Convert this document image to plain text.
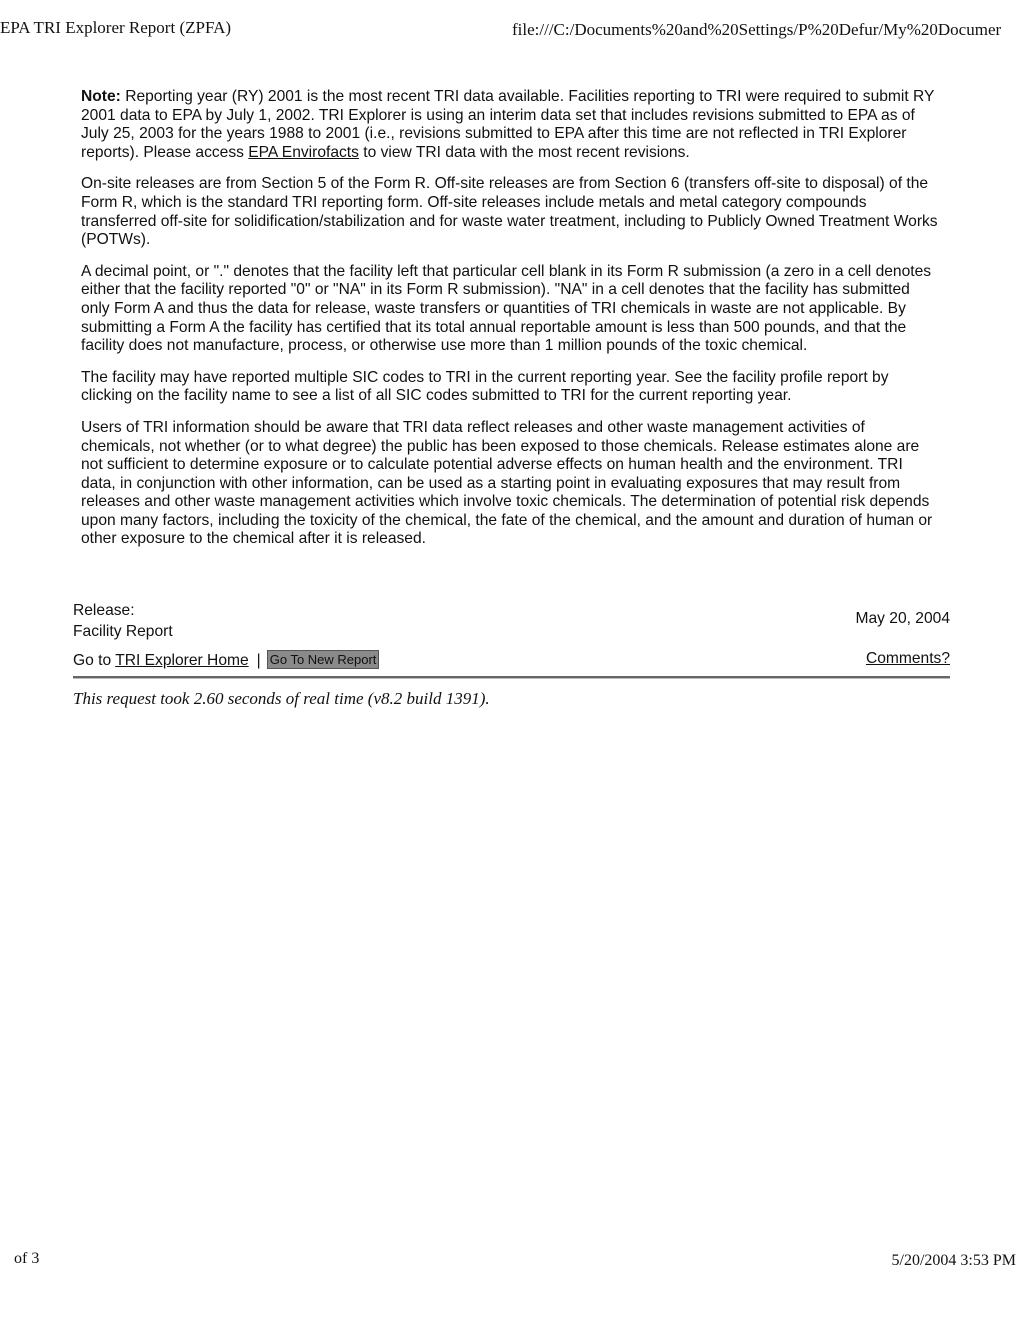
EPA TRI Explorer Report (ZPFA)	file:///C:/Documents%20and%20Settings/P%20Defur/My%20Documer

Note: Reporting year (RY) 2001 is the most recent TRI data available. Facilities reporting to TRI were required to submit RY 2001 data to EPA by July 1, 2002. TRI Explorer is using an interim data set that includes revisions submitted to EPA as of July 25, 2003 for the years 1988 to 2001 (i.e., revisions submitted to EPA after this time are not reflected in TRI Explorer reports). Please access EPA Envirofacts to view TRI data with the most recent revisions.

On-site releases are from Section 5 of the Form R. Off-site releases are from Section 6 (transfers off-site to disposal) of the Form R, which is the standard TRI reporting form. Off-site releases include metals and metal category compounds transferred off-site for solidification/stabilization and for waste water treatment, including to Publicly Owned Treatment Works (POTWs).

A decimal point, or "." denotes that the facility left that particular cell blank in its Form R submission (a zero in a cell denotes either that the facility reported "0" or "NA" in its Form R submission). "NA" in a cell denotes that the facility has submitted only Form A and thus the data for release, waste transfers or quantities of TRI chemicals in waste are not applicable. By submitting a Form A the facility has certified that its total annual reportable amount is less than 500 pounds, and that the facility does not manufacture, process, or otherwise use more than 1 million pounds of the toxic chemical.

The facility may have reported multiple SIC codes to TRI in the current reporting year. See the facility profile report by clicking on the facility name to see a list of all SIC codes submitted to TRI for the current reporting year.

Users of TRI information should be aware that TRI data reflect releases and other waste management activities of chemicals, not whether (or to what degree) the public has been exposed to those chemicals. Release estimates alone are not sufficient to determine exposure or to calculate potential adverse effects on human health and the environment. TRI data, in conjunction with other information, can be used as a starting point in evaluating exposures that may result from releases and other waste management activities which involve toxic chemicals. The determination of potential risk depends upon many factors, including the toxicity of the chemical, the fate of the chemical, and the amount and duration of human or other exposure to the chemical after it is released.

Release:	May 20, 2004
Facility Report
Go to TRI Explorer Home | Go To New Report	Comments?
This request took 2.60 seconds of real time (v8.2 build 1391).
of 3	5/20/2004 3:53 PM
